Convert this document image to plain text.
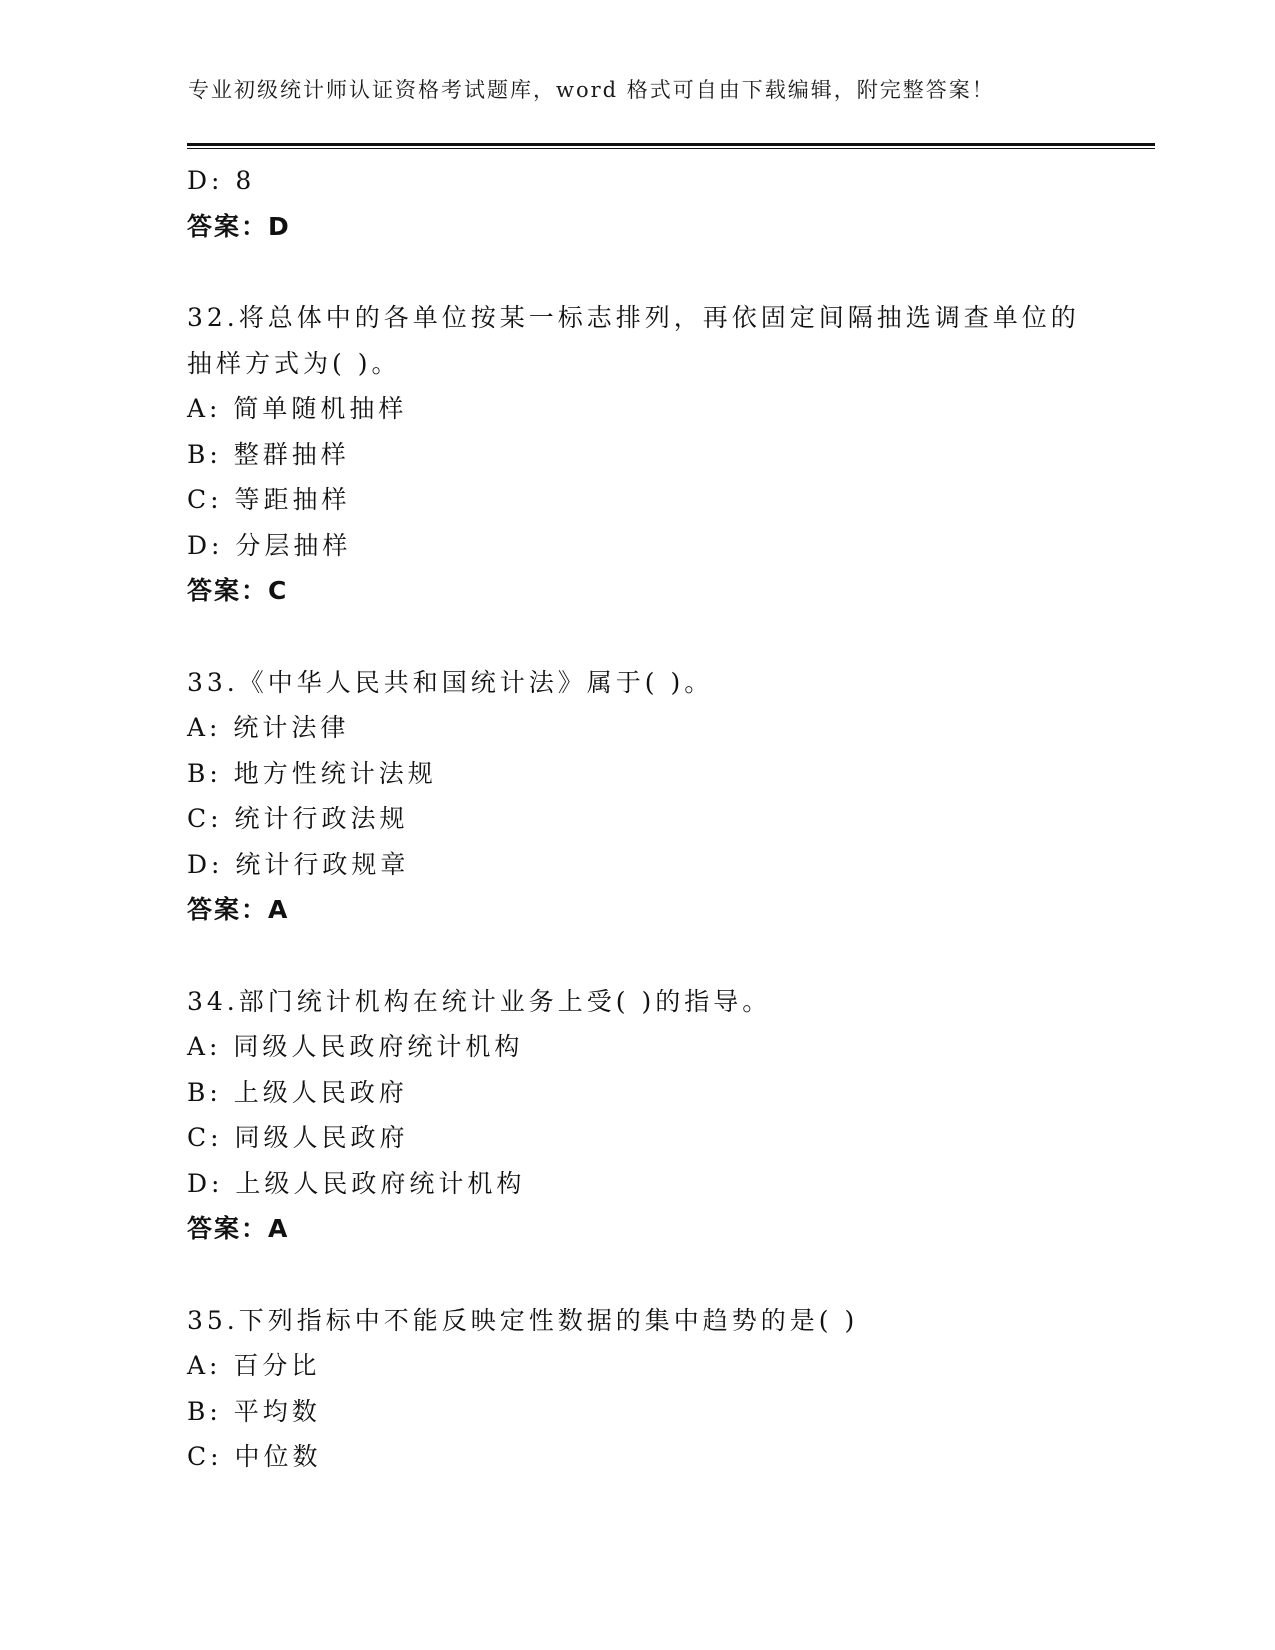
专业初级统计师认证资格考试题库，word 格式可自由下载编辑，附完整答案！
D: 8
答案：D
32.将总体中的各单位按某一标志排列，再依固定间隔抽选调查单位的
抽样方式为( )。
A: 简单随机抽样
B: 整群抽样
C: 等距抽样
D: 分层抽样
答案：C
33.《中华人民共和国统计法》属于( )。
A: 统计法律
B: 地方性统计法规
C: 统计行政法规
D: 统计行政规章
答案：A
34.部门统计机构在统计业务上受( )的指导。
A: 同级人民政府统计机构
B: 上级人民政府
C: 同级人民政府
D: 上级人民政府统计机构
答案：A
35.下列指标中不能反映定性数据的集中趋势的是( )
A: 百分比
B: 平均数
C: 中位数
